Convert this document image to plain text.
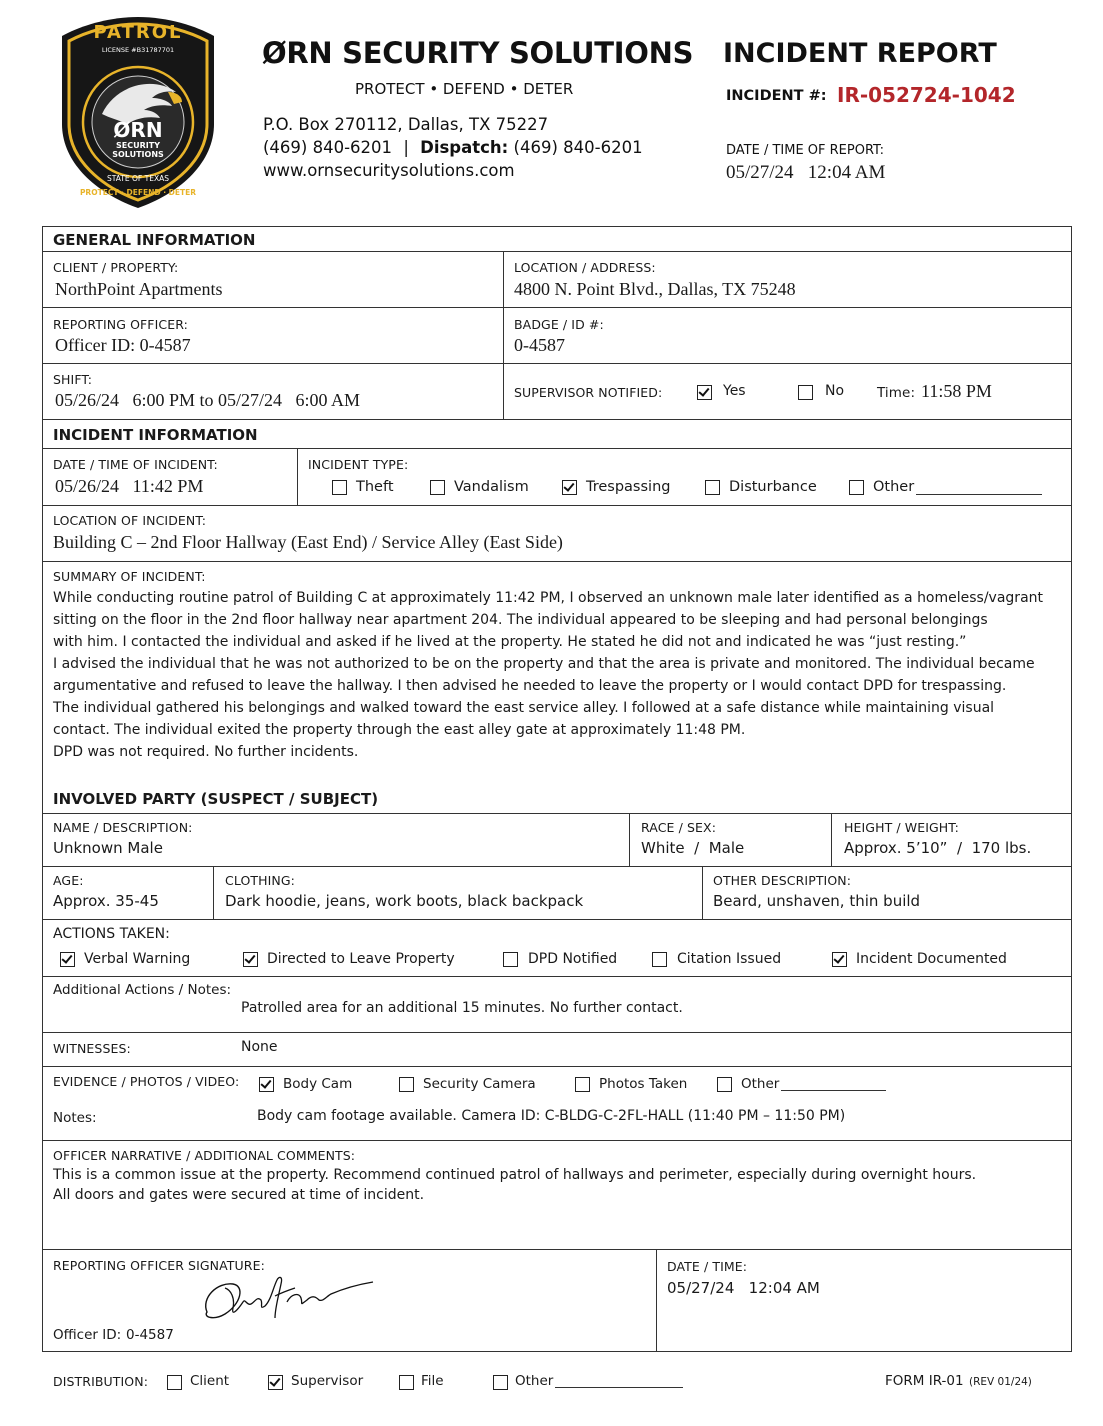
PATROL
LICENSE #B31787701
ØRN
SECURITY
SOLUTIONS
STATE OF TEXAS
PROTECT · DEFEND · DETER
ØRN SECURITY SOLUTIONS
PROTECT • DEFEND • DETER
P.O. Box 270112, Dallas, TX 75227
(469) 840-6201 | Dispatch: (469) 840-6201
www.ornsecuritysolutions.com
INCIDENT REPORT
INCIDENT #: IR-052724-1042
DATE / TIME OF REPORT:
05/27/24   12:04 AM
GENERAL INFORMATION
CLIENT / PROPERTY:
NorthPoint Apartments
LOCATION / ADDRESS:
4800 N. Point Blvd., Dallas, TX 75248
REPORTING OFFICER:
Officer ID: 0-4587
BADGE / ID #:
0-4587
SHIFT:
05/26/24   6:00 PM to 05/27/24   6:00 AM	SUPERVISOR NOTIFIED:	Yes	No Time: 11:58 PM
INCIDENT INFORMATION
DATE / TIME OF INCIDENT:
05/26/24   11:42 PM
INCIDENT TYPE:
Theft	Vandalism	Trespassing	Disturbance	Other
LOCATION OF INCIDENT:
Building C – 2nd Floor Hallway (East End) / Service Alley (East Side)
SUMMARY OF INCIDENT:
While conducting routine patrol of Building C at approximately 11:42 PM, I observed an unknown male later identified as a homeless/vagrant
sitting on the floor in the 2nd floor hallway near apartment 204. The individual appeared to be sleeping and had personal belongings
with him. I contacted the individual and asked if he lived at the property. He stated he did not and indicated he was “just resting.”
I advised the individual that he was not authorized to be on the property and that the area is private and monitored. The individual became
argumentative and refused to leave the hallway. I then advised he needed to leave the property or I would contact DPD for trespassing.
The individual gathered his belongings and walked toward the east service alley. I followed at a safe distance while maintaining visual
contact. The individual exited the property through the east alley gate at approximately 11:48 PM.
DPD was not required. No further incidents.
INVOLVED PARTY (SUSPECT / SUBJECT)
NAME / DESCRIPTION:
Unknown Male
RACE / SEX:
White  /  Male
HEIGHT / WEIGHT:
Approx. 5’10”  /  170 lbs.
AGE:
Approx. 35-45
CLOTHING:
Dark hoodie, jeans, work boots, black backpack
OTHER DESCRIPTION:
Beard, unshaven, thin build
ACTIONS TAKEN:
Verbal Warning	Directed to Leave Property	DPD Notified	Citation Issued	Incident Documented
Additional Actions / Notes:
Patrolled area for an additional 15 minutes. No further contact.
WITNESSES:	None
EVIDENCE / PHOTOS / VIDEO:	Body Cam	Security Camera	Photos Taken	Other
Notes:	Body cam footage available. Camera ID: C-BLDG-C-2FL-HALL (11:40 PM – 11:50 PM)
OFFICER NARRATIVE / ADDITIONAL COMMENTS:
This is a common issue at the property. Recommend continued patrol of hallways and perimeter, especially during overnight hours.
All doors and gates were secured at time of incident.
REPORTING OFFICER SIGNATURE:
Officer ID: 0-4587
DATE / TIME:
05/27/24   12:04 AM
DISTRIBUTION:	Client	Supervisor	File	Other	FORM IR-01 (REV 01/24)
